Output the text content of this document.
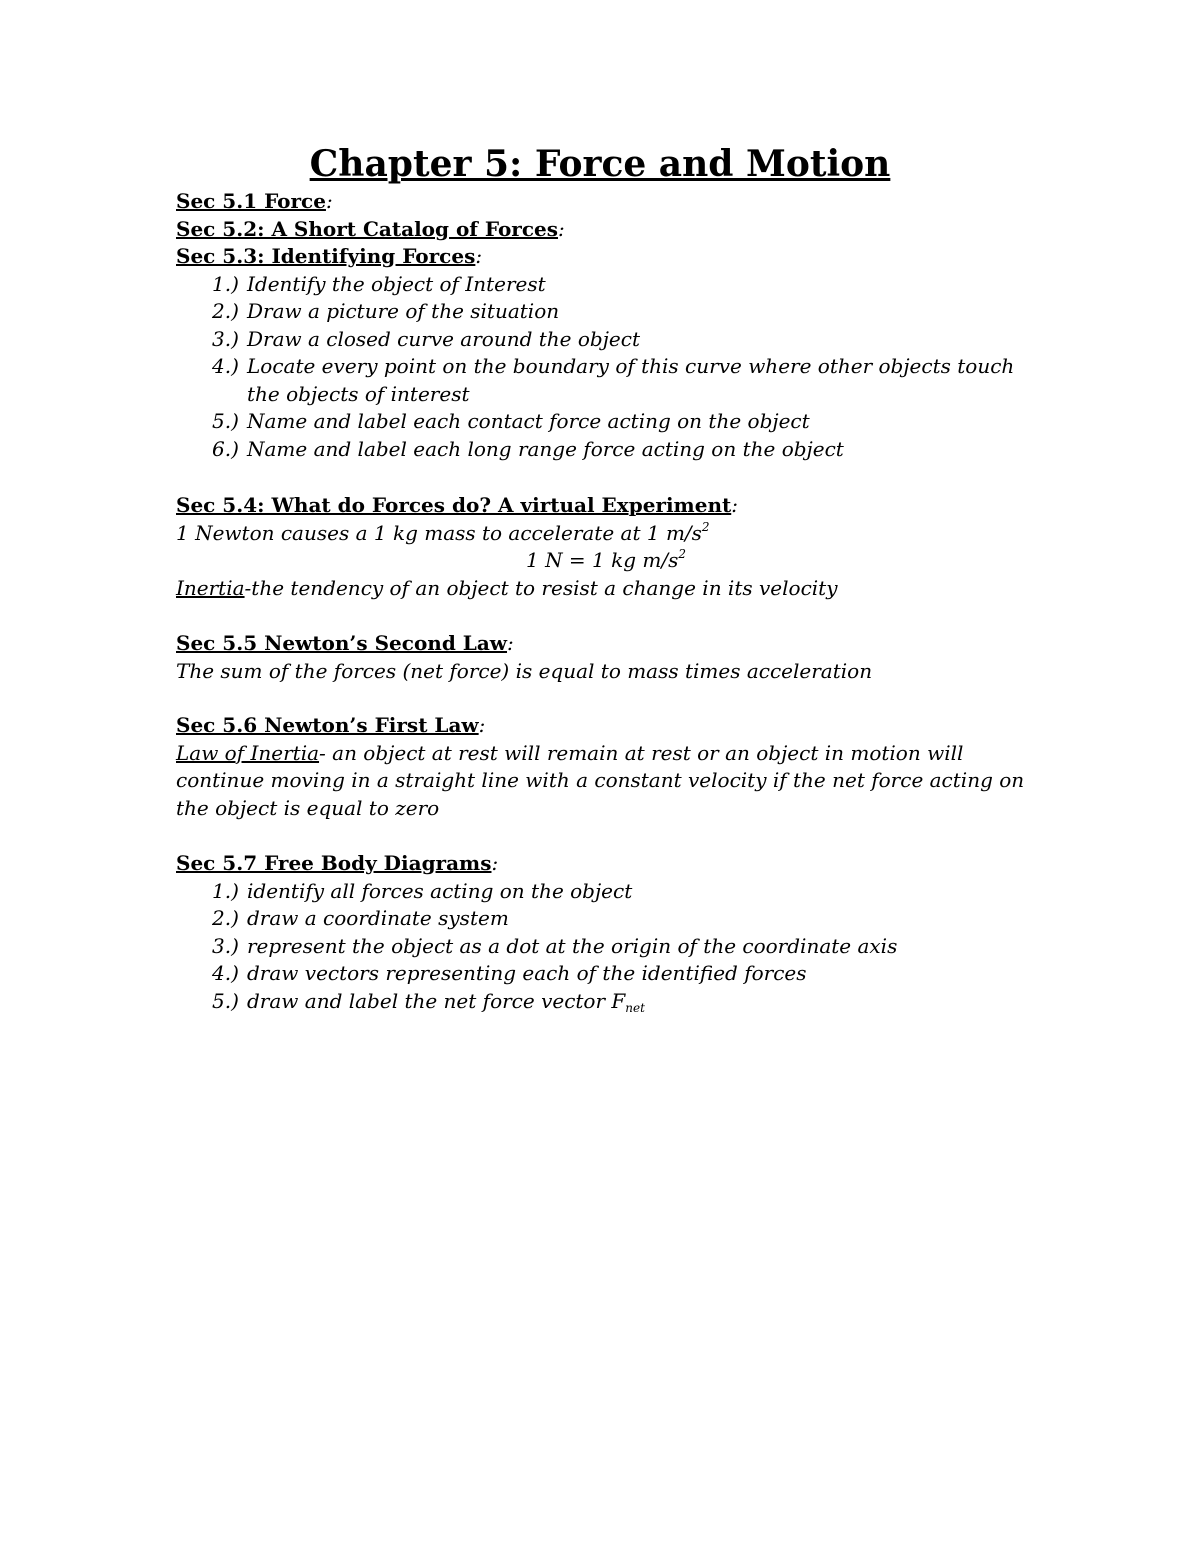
Chapter 5: Force and Motion
Sec 5.1 Force:
Sec 5.2: A Short Catalog of Forces:
Sec 5.3: Identifying Forces:
1.) Identify the object of Interest
2.) Draw a picture of the situation
3.) Draw a closed curve around the object
4.) Locate every point on the boundary of this curve where other objects touch the objects of interest
5.) Name and label each contact force acting on the object
6.) Name and label each long range force acting on the object
Sec 5.4: What do Forces do? A virtual Experiment:
1 Newton causes a 1 kg mass to accelerate at 1 $m/s^2$
1 N = 1 kg $m/s^2$
Inertia-the tendency of an object to resist a change in its velocity
Sec 5.5 Newton’s Second Law:
The sum of the forces (net force) is equal to mass times acceleration
Sec 5.6 Newton’s First Law:
Law of Inertia- an object at rest will remain at rest or an object in motion will continue moving in a straight line with a constant velocity if the net force acting on the object is equal to zero
Sec 5.7 Free Body Diagrams:
1.) identify all forces acting on the object
2.) draw a coordinate system
3.) represent the object as a dot at the origin of the coordinate axis
4.) draw vectors representing each of the identified forces
5.) draw and label the net force vector $F_{net}$
